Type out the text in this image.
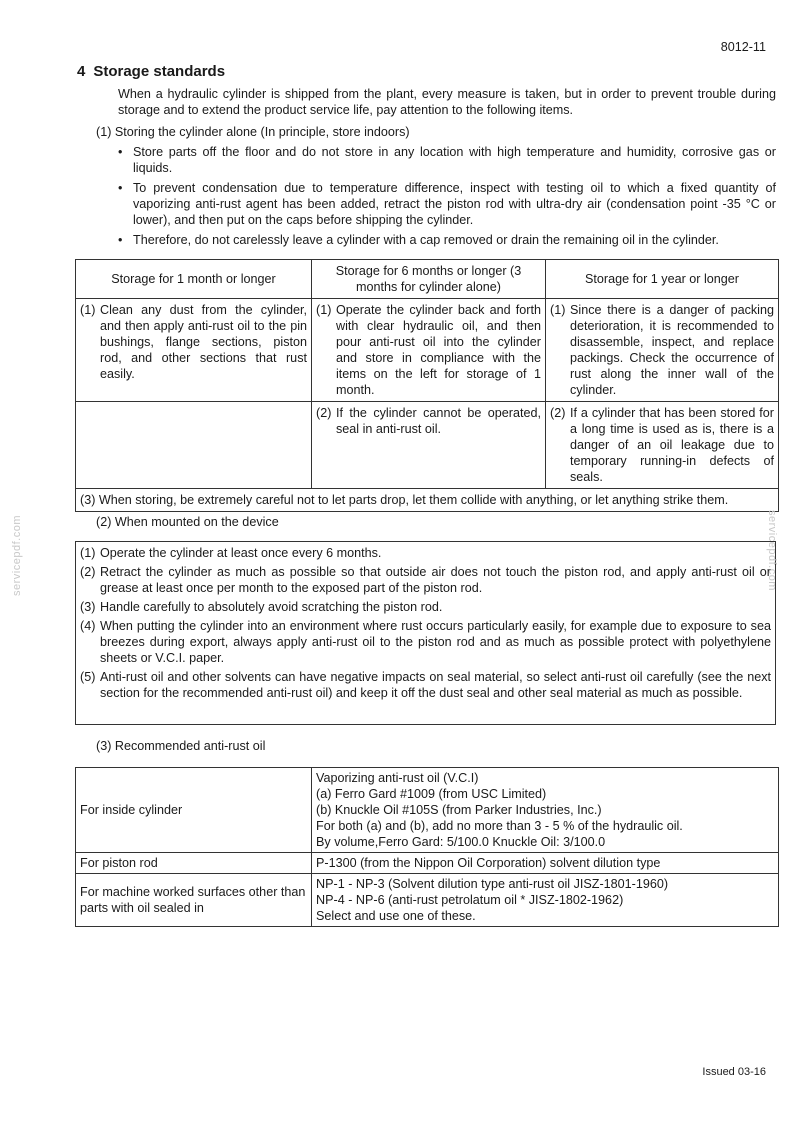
8012-11
4 Storage standards
When a hydraulic cylinder is shipped from the plant, every measure is taken, but in order to prevent trouble during storage and to extend the product service life, pay attention to the following items.
(1) Storing the cylinder alone (In principle, store indoors)
• Store parts off the floor and do not store in any location with high temperature and humidity, corrosive gas or liquids.
• To prevent condensation due to temperature difference, inspect with testing oil to which a fixed quantity of vaporizing anti-rust agent has been added, retract the piston rod with ultra-dry air (condensation point -35 °C or lower), and then put on the caps before shipping the cylinder.
• Therefore, do not carelessly leave a cylinder with a cap removed or drain the remaining oil in the cylinder.
Storage for 1 month or longer	Storage for 6 months or longer (3 months for cylinder alone)	Storage for 1 year or longer

(1) Clean any dust from the cylinder, and then apply anti-rust oil to the pin bushings, flange sections, piston rod, and other sections that rust easily.	(1) Operate the cylinder back and forth with clear hydraulic oil, and then pour anti-rust oil into the cylinder and store in compliance with the items on the left for storage of 1 month.	(1) Since there is a danger of packing deterioration, it is recommended to disassemble, inspect, and replace packings. Check the occurrence of rust along the inner wall of the cylinder.

	(2) If the cylinder cannot be operated, seal in anti-rust oil.	(2) If a cylinder that has been stored for a long time is used as is, there is a danger of an oil leakage due to temporary running-in defects of seals.

(3) When storing, be extremely careful not to let parts drop, let them collide with anything, or let anything strike them.		
(2) When mounted on the device
(1) Operate the cylinder at least once every 6 months.
(2) Retract the cylinder as much as possible so that outside air does not touch the piston rod, and apply anti-rust oil or grease at least once per month to the exposed part of the piston rod.
(3) Handle carefully to absolutely avoid scratching the piston rod.
(4) When putting the cylinder into an environment where rust occurs particularly easily, for example due to exposure to sea breezes during export, always apply anti-rust oil to the piston rod and as much as possible protect with polyethylene sheets or V.C.I. paper.
(5) Anti-rust oil and other solvents can have negative impacts on seal material, so select anti-rust oil carefully (see the next section for the recommended anti-rust oil) and keep it off the dust seal and other seal material as much as possible.
(3) Recommended anti-rust oil
For inside cylinder	Vaporizing anti-rust oil (V.C.I)
(a) Ferro Gard #1009 (from USC Limited)
(b) Knuckle Oil #105S (from Parker Industries, Inc.)
For both (a) and (b), add no more than 3 - 5 % of the hydraulic oil.
By volume,Ferro Gard: 5/100.0 Knuckle Oil: 3/100.0

For piston rod	P-1300 (from the Nippon Oil Corporation) solvent dilution type

For machine worked surfaces other than parts with oil sealed in	NP-1 - NP-3 (Solvent dilution type anti-rust oil JISZ-1801-1960)
NP-4 - NP-6 (anti-rust petrolatum oil * JISZ-1802-1962)
Select and use one of these.
servicepdf.com	servicepdf.com
Issued 03-16
